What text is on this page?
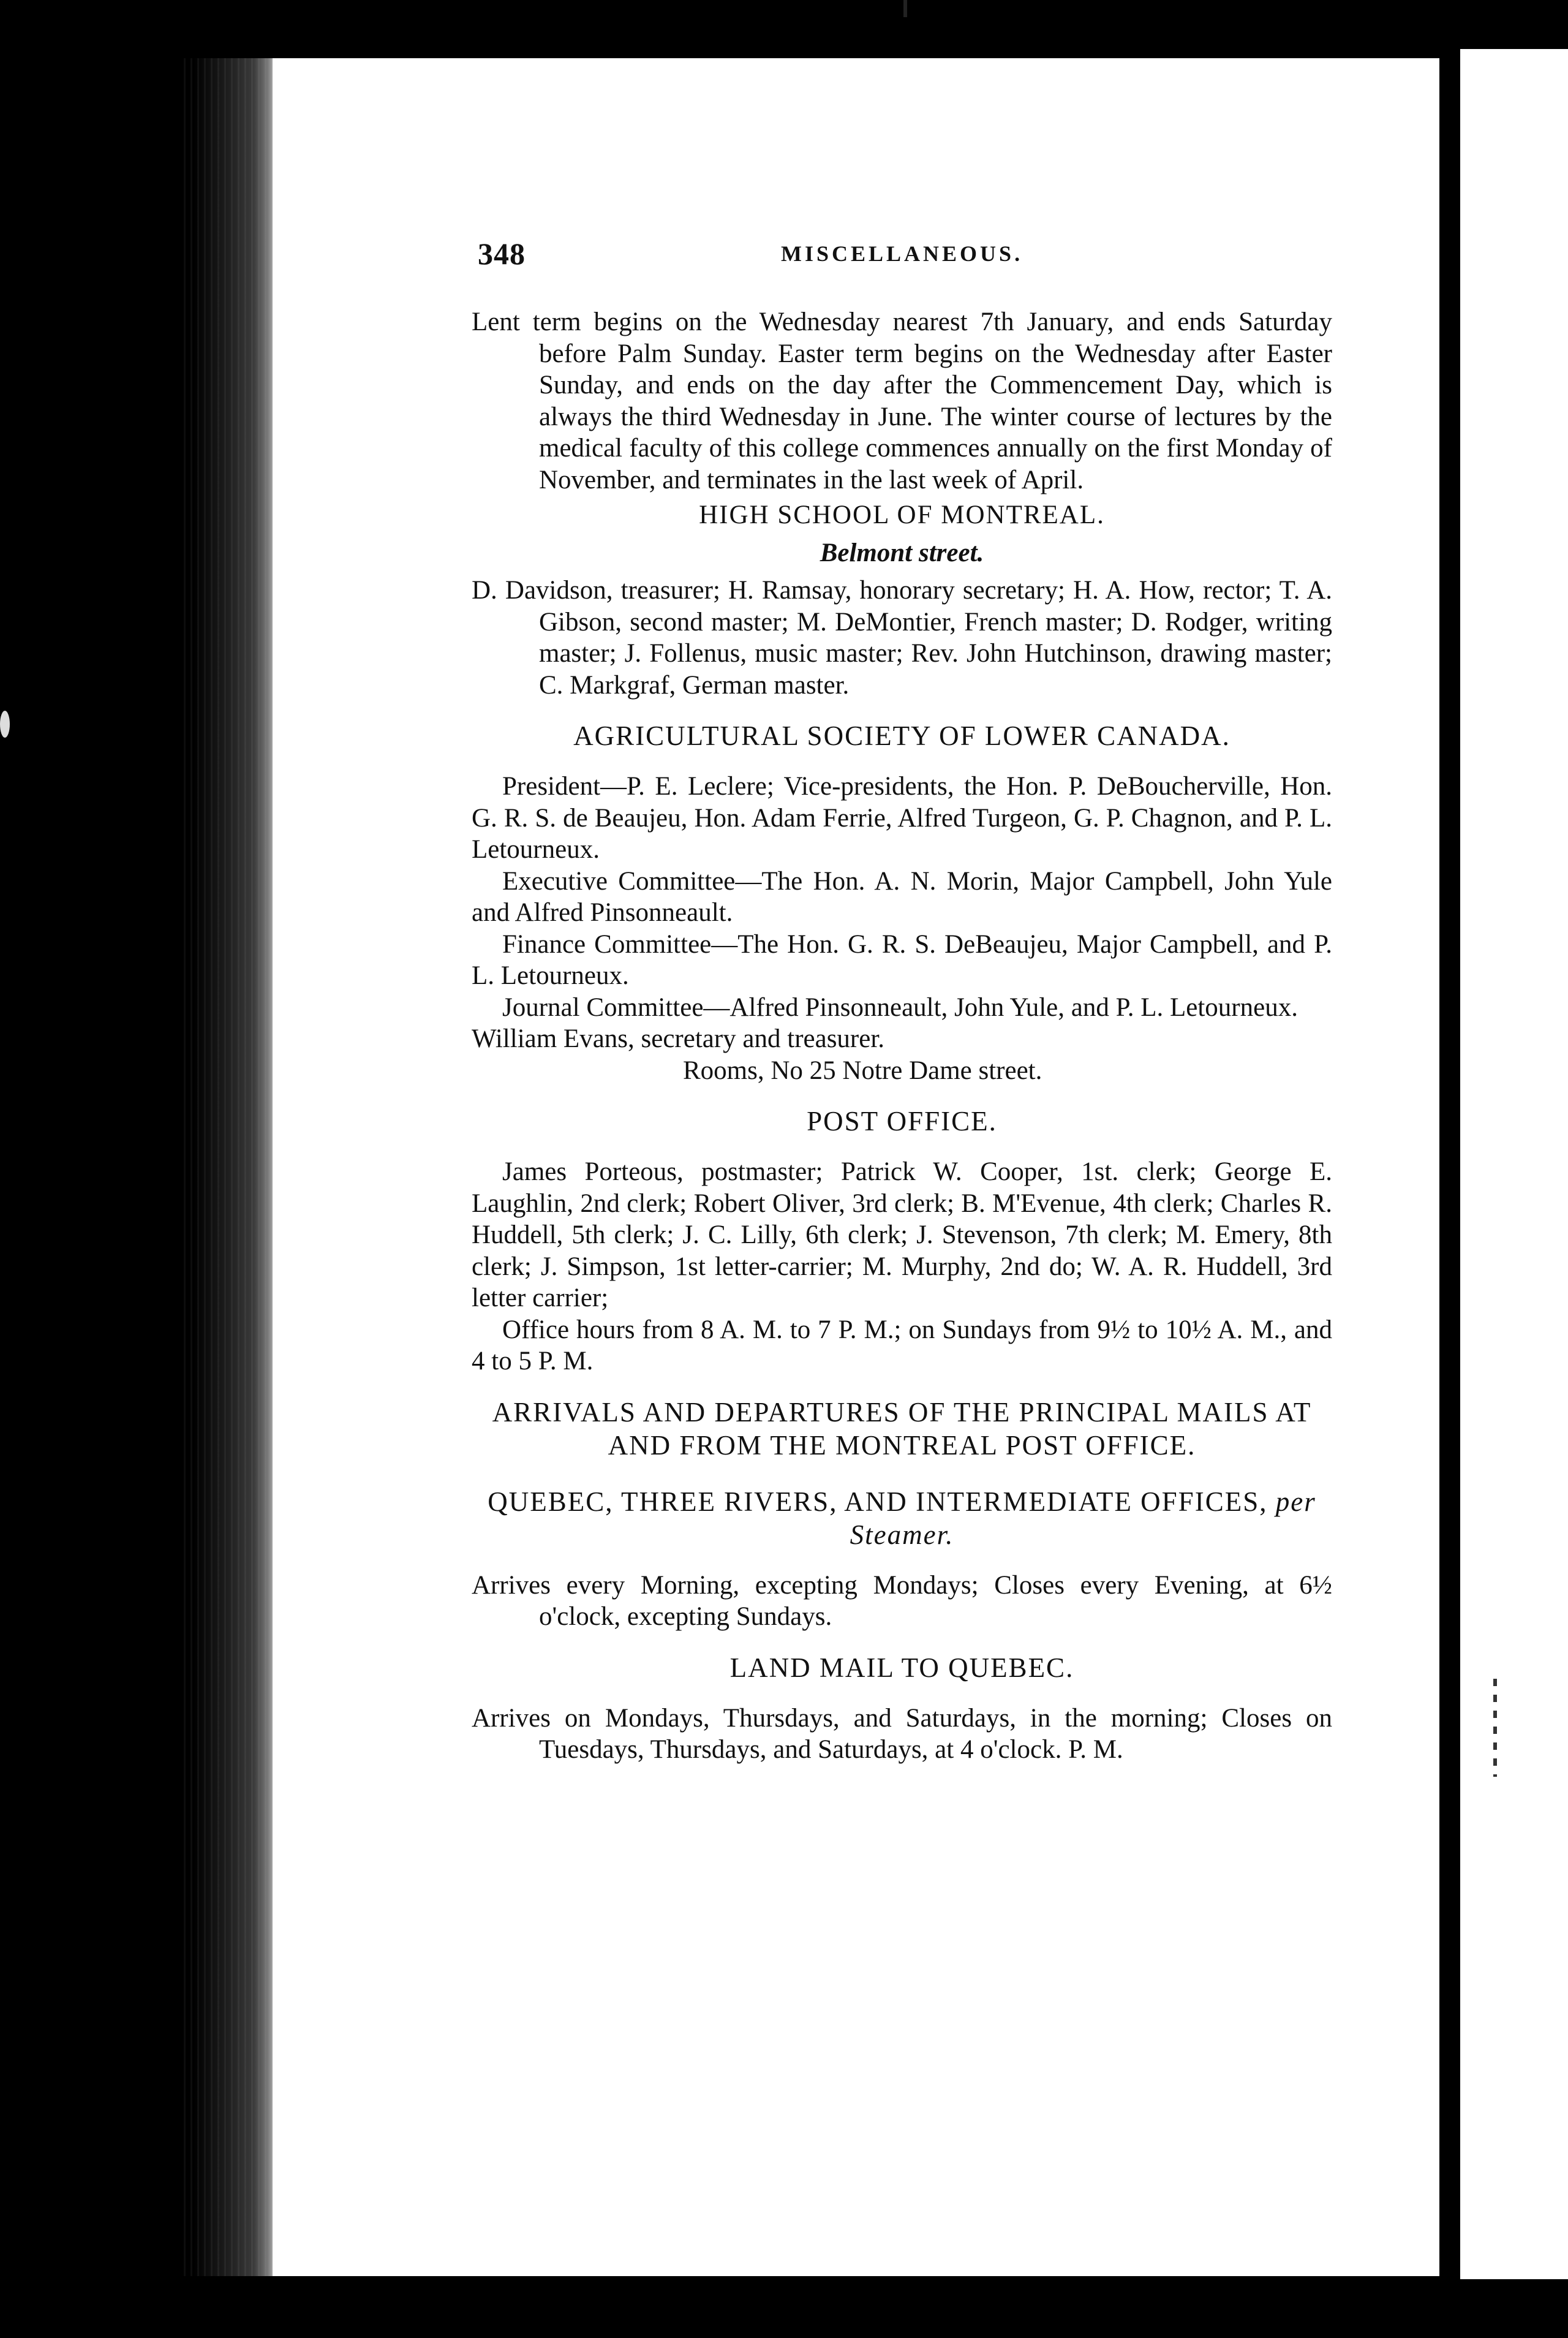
348	MISCELLANEOUS.

Lent term begins on the Wednesday nearest 7th January, and ends Saturday before Palm Sunday. Easter term begins on the Wednesday after Easter Sunday, and ends on the day after the Commencement Day, which is always the third Wednesday in June. The winter course of lectures by the medical faculty of this college commences annually on the first Monday of November, and terminates in the last week of April.

HIGH SCHOOL OF MONTREAL.

Belmont street.

D. Davidson, treasurer; H. Ramsay, honorary secretary; H. A. How, rector; T. A. Gibson, second master; M. DeMontier, French master; D. Rodger, writing master; J. Follenus, music master; Rev. John Hutchinson, drawing master; C. Markgraf, German master.

AGRICULTURAL SOCIETY OF LOWER CANADA.

President—P. E. Leclere; Vice-presidents, the Hon. P. DeBoucherville, Hon. G. R. S. de Beaujeu, Hon. Adam Ferrie, Alfred Turgeon, G. P. Chagnon, and P. L. Letourneux.

Executive Committee—The Hon. A. N. Morin, Major Campbell, John Yule and Alfred Pinsonneault.

Finance Committee—The Hon. G. R. S. DeBeaujeu, Major Campbell, and P. L. Letourneux.

Journal Committee—Alfred Pinsonneault, John Yule, and P. L. Letourneux.

William Evans, secretary and treasurer.

Rooms, No 25 Notre Dame street.

POST OFFICE.

James Porteous, postmaster; Patrick W. Cooper, 1st. clerk; George E. Laughlin, 2nd clerk; Robert Oliver, 3rd clerk; B. M'Evenue, 4th clerk; Charles R. Huddell, 5th clerk; J. C. Lilly, 6th clerk; J. Stevenson, 7th clerk; M. Emery, 8th clerk; J. Simpson, 1st letter-carrier; M. Murphy, 2nd do; W. A. R. Huddell, 3rd letter carrier;

Office hours from 8 A. M. to 7 P. M.; on Sundays from 9½ to 10½ A. M., and 4 to 5 P. M.

ARRIVALS AND DEPARTURES OF THE PRINCIPAL MAILS AT AND FROM THE MONTREAL POST OFFICE.

QUEBEC, THREE RIVERS, AND INTERMEDIATE OFFICES, per Steamer.

Arrives every Morning, excepting Mondays; Closes every Evening, at 6½ o'clock, excepting Sundays.

LAND MAIL TO QUEBEC.

Arrives on Mondays, Thursdays, and Saturdays, in the morning; Closes on Tuesdays, Thursdays, and Saturdays, at 4 o'clock. P. M.
